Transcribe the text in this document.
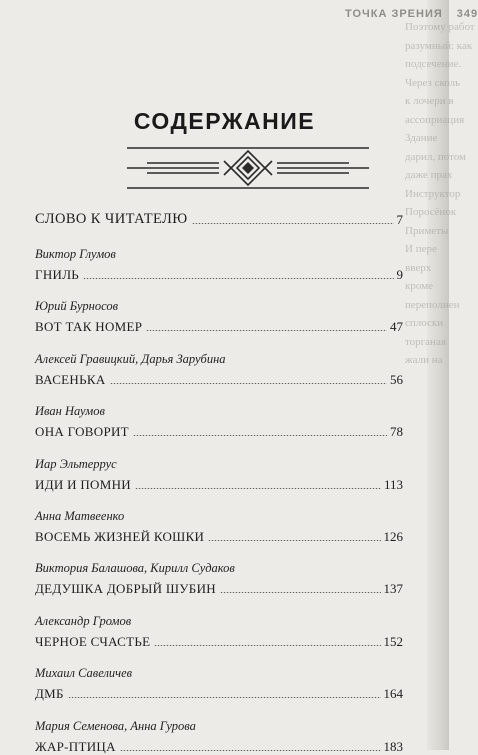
Поэтому работ
разумный: как
подсечение.
Через сколь
к лочери в
ассоприация
Здание
дарил, потом
даже прах
Инструктор
Поросёнок
Приметы
И пере
вверх
кроме
переполнен
сплоски
торганая
жали на
ТОЧКА ЗРЕНИЯ 349
СОДЕРЖАНИЕ
СЛОВО К ЧИТАТЕЛЮ	7
Виктор Глумов
ГНИЛЬ	9
Юрий Бурносов
ВОТ ТАК НОМЕР	47
Алексей Гравицкий, Дарья Зарубина
ВАСЕНЬКА	56
Иван Наумов
ОНА ГОВОРИТ	78
Иар Эльтеррус
ИДИ И ПОМНИ	113
Анна Матвеенко
ВОСЕМЬ ЖИЗНЕЙ КОШКИ	126
Виктория Балашова, Кирилл Судаков
ДЕДУШКА ДОБРЫЙ ШУБИН	137
Александр Громов
ЧЕРНОЕ СЧАСТЬЕ	152
Михаил Савеличев
ДМБ	164
Мария Семенова, Анна Гурова
ЖАР-ПТИЦА	183
